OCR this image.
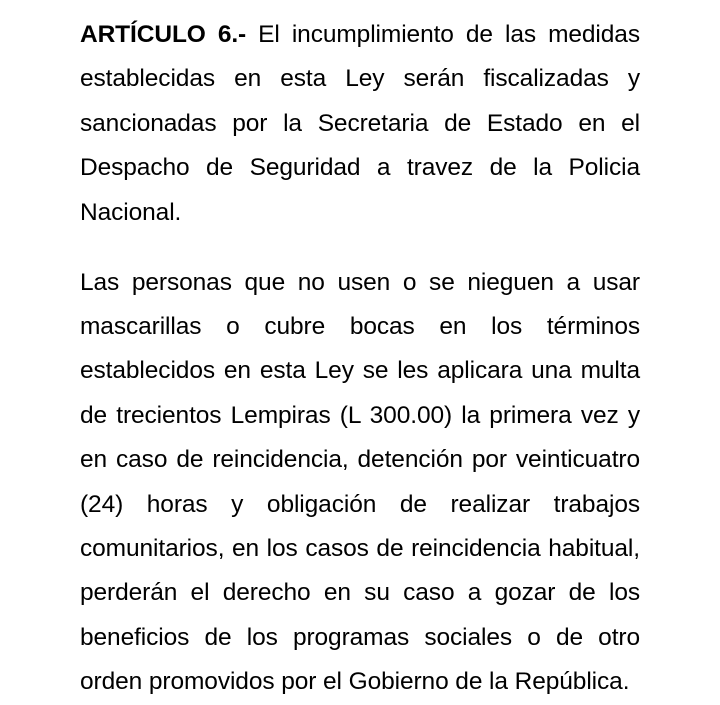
ARTÍCULO 6.- El incumplimiento de las medidas establecidas en esta Ley serán fiscalizadas y sancionadas por la Secretaria de Estado en el Despacho de Seguridad a travez de la Policia Nacional.

Las personas que no usen o se nieguen a usar mascarillas o cubre bocas en los términos establecidos en esta Ley se les aplicara una multa de trecientos Lempiras (L 300.00) la primera vez y en caso de reincidencia, detención por veinticuatro (24) horas y obligación de realizar trabajos comunitarios, en los casos de reincidencia habitual, perderán el derecho en su caso a gozar de los beneficios de los programas sociales o de otro orden promovidos por el Gobierno de la República.
